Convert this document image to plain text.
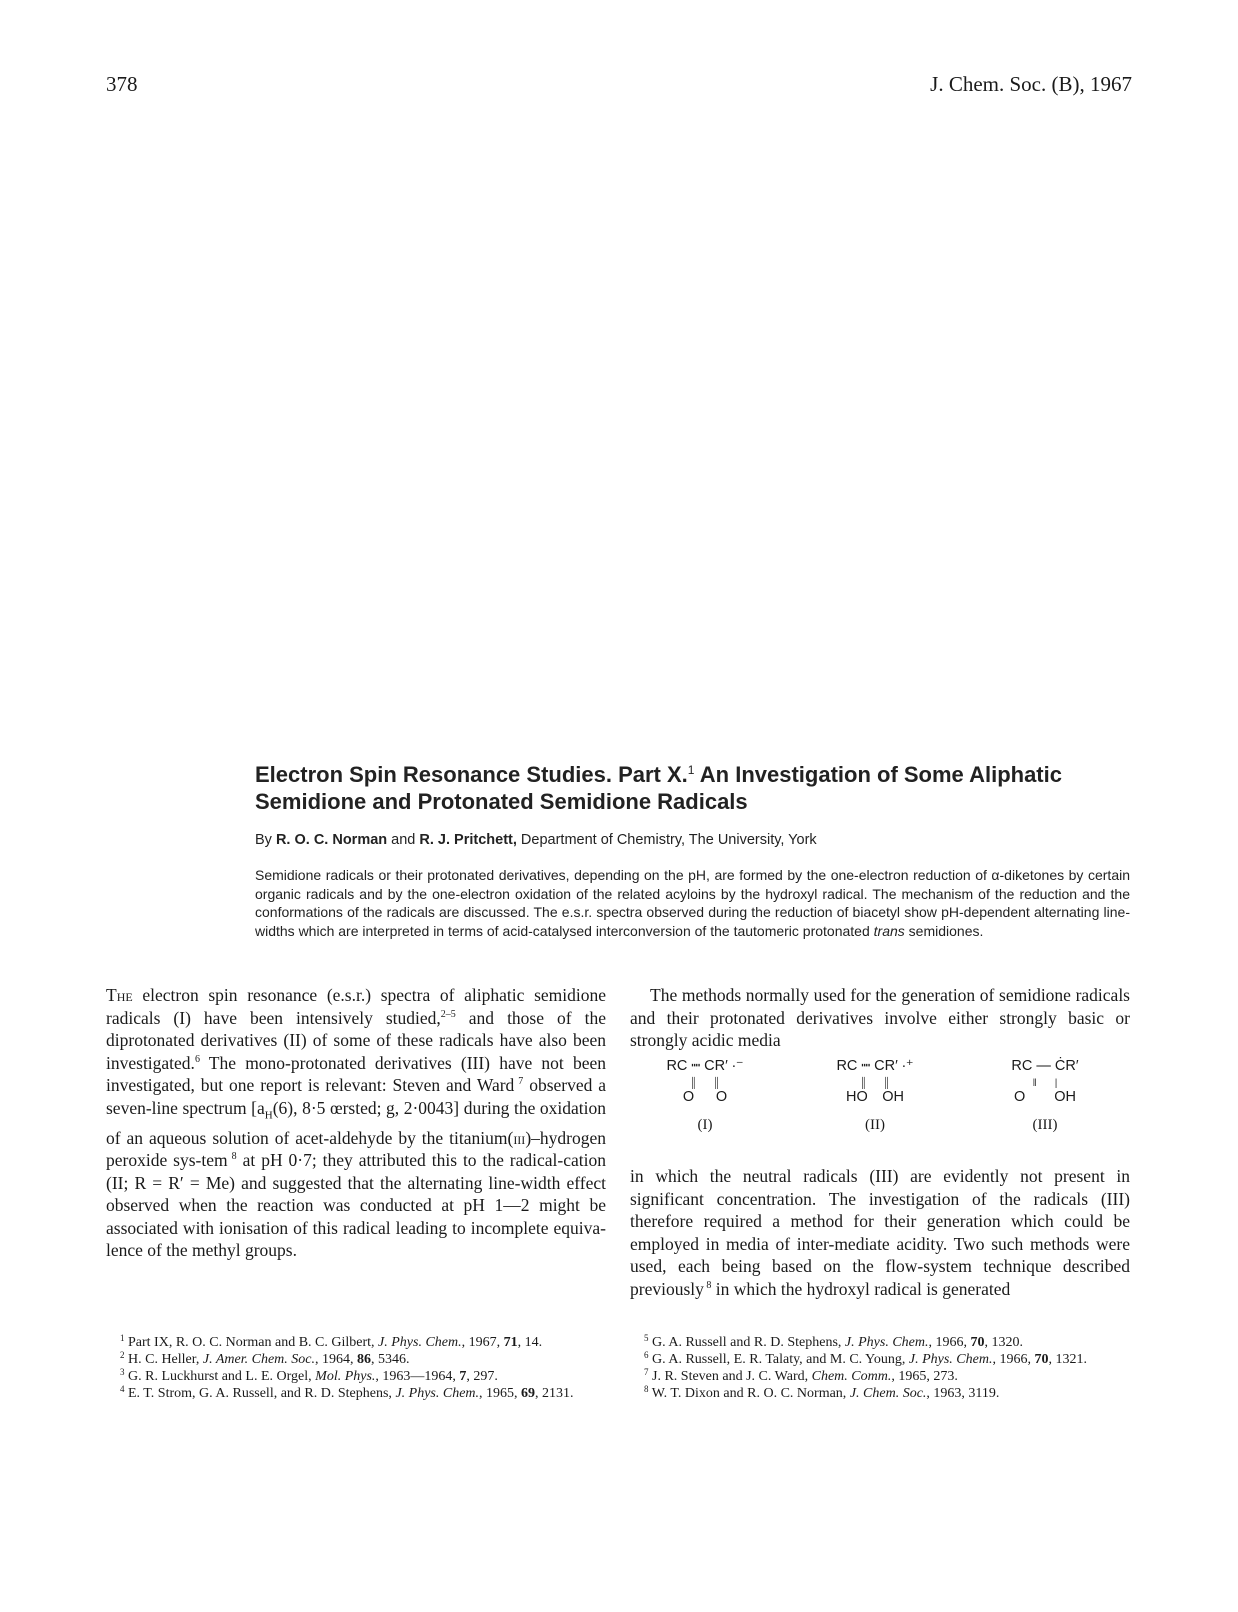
378	J. Chem. Soc. (B), 1967
Electron Spin Resonance Studies. Part X.$^1$ An Investigation of Some Aliphatic Semidione and Protonated Semidione Radicals
By R. O. C. Norman and R. J. Pritchett, Department of Chemistry, The University, York

Semidione radicals or their protonated derivatives, depending on the pH, are formed by the one-electron reduction of α-diketones by certain organic radicals and by the one-electron oxidation of the related acyloins by the hydroxyl radical. The mechanism of the reduction and the conformations of the radicals are discussed. The e.s.r. spectra observed during the reduction of biacetyl show pH-dependent alternating line-widths which are interpreted in terms of acid-catalysed interconversion of the tautomeric protonated trans semidiones.

The electron spin resonance (e.s.r.) spectra of aliphatic semidione radicals (I) have been intensively studied,$^{2-5}$ and those of the diprotonated derivatives (II) of some of these radicals have also been investigated.$^6$ The mono-protonated derivatives (III) have not been investigated, but one report is relevant: Steven and Ward $^7$ observed a seven-line spectrum [$a_H(6)$, 8·5 œrsted; g, 2·0043] during the oxidation of an aqueous solution of acet-aldehyde by the titanium(iii)–hydrogen peroxide sys-tem $^8$ at pH 0·7; they attributed this to the radical-cation (II; R = R′ = Me) and suggested that the alternating line-width effect observed when the reaction was conducted at pH 1—2 might be associated with ionisation of this radical leading to incomplete equiva-lence of the methyl groups.

The methods normally used for the generation of semidione radicals and their protonated derivatives involve either strongly basic or strongly acidic media

RC ┉ CR′ ·⁻
║        ║
O  O
(I)
RC ┉ CR′ ·⁺
║        ║
HO  OH
(II)
RC — ĊR′
‖         |
O  OH
(III)

in which the neutral radicals (III) are evidently not present in significant concentration. The investigation of the radicals (III) therefore required a method for their generation which could be employed in media of inter-mediate acidity. Two such methods were used, each being based on the flow-system technique described previously $^8$ in which the hydroxyl radical is generated

 $^1$ Part IX, R. O. C. Norman and B. C. Gilbert, J. Phys. Chem., 1967, 71, 14.

 $^2$ H. C. Heller, J. Amer. Chem. Soc., 1964, 86, 5346.

 $^3$ G. R. Luckhurst and L. E. Orgel, Mol. Phys., 1963—1964, 7, 297.

 $^4$ E. T. Strom, G. A. Russell, and R. D. Stephens, J. Phys. Chem., 1965, 69, 2131.

 $^5$ G. A. Russell and R. D. Stephens, J. Phys. Chem., 1966, 70, 1320.

 $^6$ G. A. Russell, E. R. Talaty, and M. C. Young, J. Phys. Chem., 1966, 70, 1321.

 $^7$ J. R. Steven and J. C. Ward, Chem. Comm., 1965, 273.

 $^8$ W. T. Dixon and R. O. C. Norman, J. Chem. Soc., 1963, 3119.
